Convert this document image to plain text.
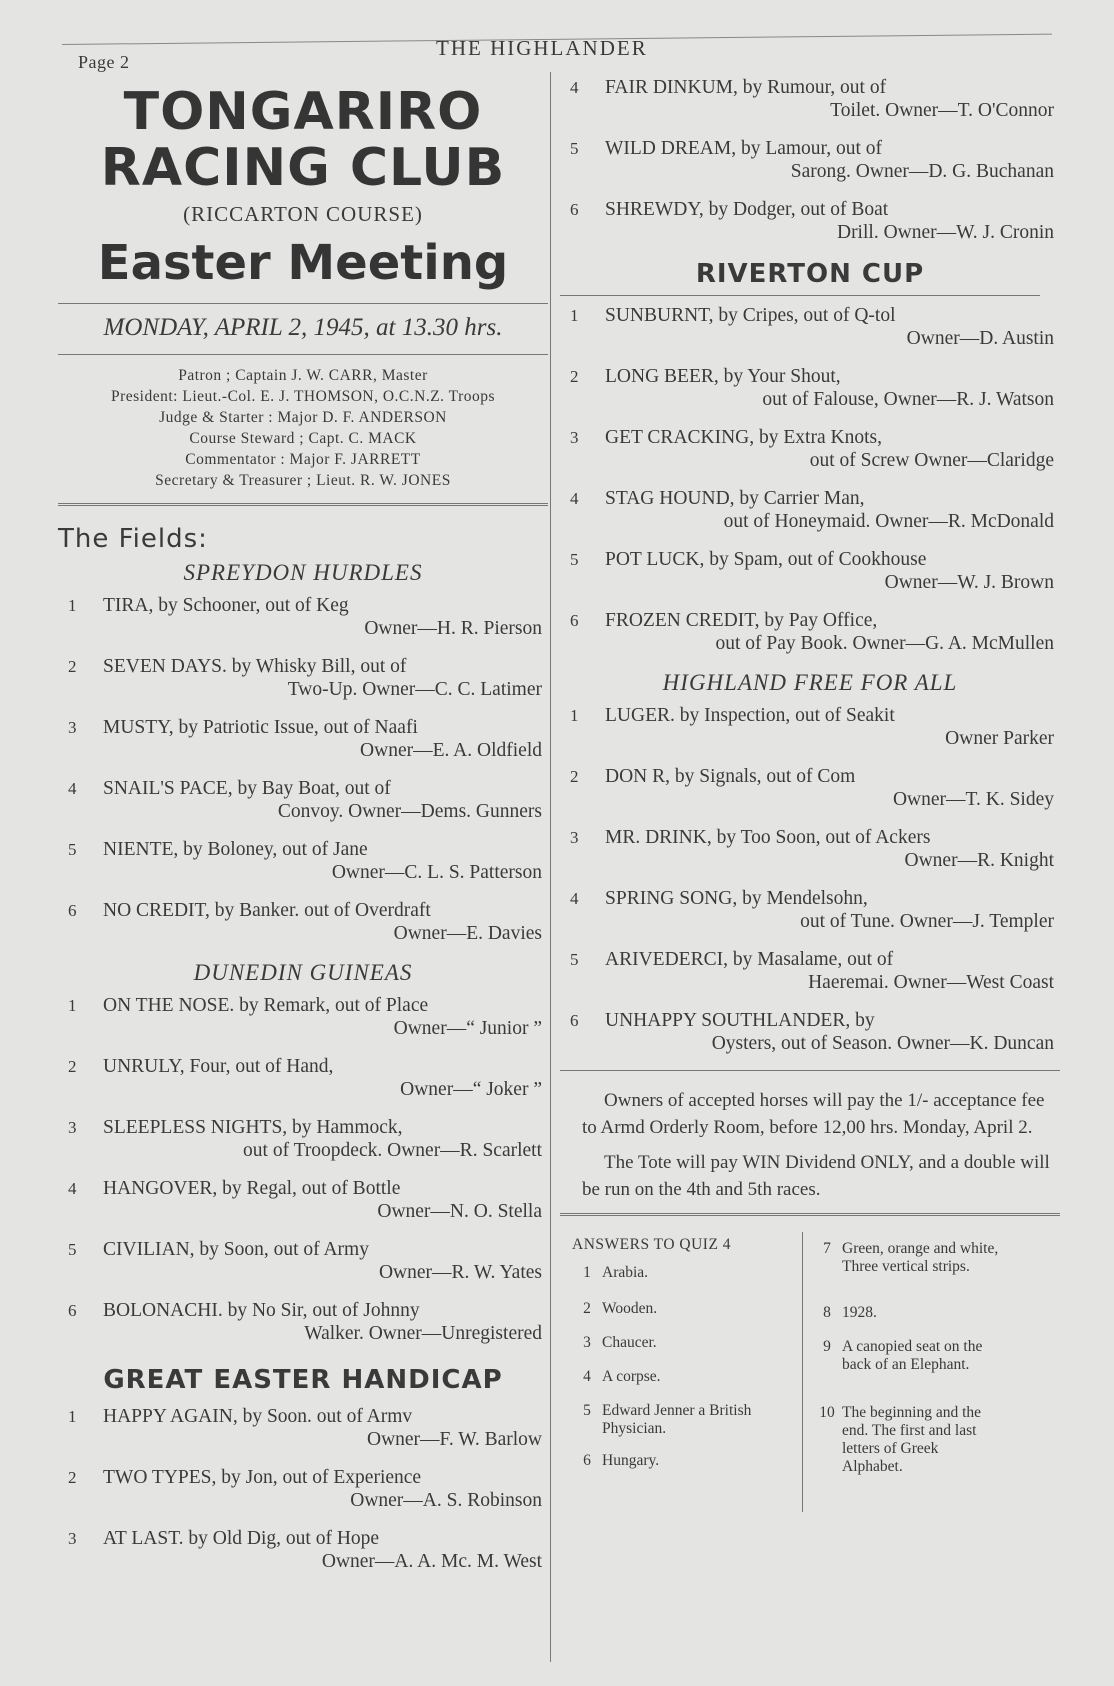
Page 2
THE HIGHLANDER
TONGARIRO
RACING CLUB
(RICCARTON COURSE)
Easter Meeting
MONDAY, APRIL 2, 1945, at 13.30 hrs.
Patron ; Captain J. W. CARR, Master
President: Lieut.-Col. E. J. THOMSON, O.C.N.Z. Troops
Judge & Starter : Major D. F. ANDERSON
Course Steward ; Capt. C. MACK
Commentator : Major F. JARRETT
Secretary & Treasurer ; Lieut. R. W. JONES
The Fields:
SPREYDON HURDLES
1 TIRA, by Schooner, out of Keg
Owner—H. R. Pierson
2 SEVEN DAYS. by Whisky Bill, out of
Two-Up. Owner—C. C. Latimer
3 MUSTY, by Patriotic Issue, out of Naafi
Owner—E. A. Oldfield
4 SNAIL'S PACE, by Bay Boat, out of
Convoy. Owner—Dems. Gunners
5 NIENTE, by Boloney, out of Jane
Owner—C. L. S. Patterson
6 NO CREDIT, by Banker. out of Overdraft
Owner—E. Davies
DUNEDIN GUINEAS
1 ON THE NOSE. by Remark, out of Place
Owner—“ Junior ”
2 UNRULY, Four, out of Hand,
Owner—“ Joker ”
3 SLEEPLESS NIGHTS, by Hammock,
out of Troopdeck. Owner—R. Scarlett
4 HANGOVER, by Regal, out of Bottle
Owner—N. O. Stella
5 CIVILIAN, by Soon, out of Army
Owner—R. W. Yates
6 BOLONACHI. by No Sir, out of Johnny
Walker. Owner—Unregistered
GREAT EASTER HANDICAP
1 HAPPY AGAIN, by Soon. out of Armv
Owner—F. W. Barlow
2 TWO TYPES, by Jon, out of Experience
Owner—A. S. Robinson
3 AT LAST. by Old Dig, out of Hope
Owner—A. A. Mc. M. West
4 FAIR DINKUM, by Rumour, out of
Toilet. Owner—T. O'Connor
5 WILD DREAM, by Lamour, out of
Sarong. Owner—D. G. Buchanan
6 SHREWDY, by Dodger, out of Boat
Drill. Owner—W. J. Cronin
RIVERTON CUP
1 SUNBURNT, by Cripes, out of Q-tol
Owner—D. Austin
2 LONG BEER, by Your Shout,
out of Falouse, Owner—R. J. Watson
3 GET CRACKING, by Extra Knots,
out of Screw Owner—Claridge
4 STAG HOUND, by Carrier Man,
out of Honeymaid. Owner—R. McDonald
5 POT LUCK, by Spam, out of Cookhouse
Owner—W. J. Brown
6 FROZEN CREDIT, by Pay Office,
out of Pay Book. Owner—G. A. McMullen
HIGHLAND FREE FOR ALL
1 LUGER. by Inspection, out of Seakit
Owner Parker
2 DON R, by Signals, out of Com
Owner—T. K. Sidey
3 MR. DRINK, by Too Soon, out of Ackers
Owner—R. Knight
4 SPRING SONG, by Mendelsohn,
out of Tune. Owner—J. Templer
5 ARIVEDERCI, by Masalame, out of
Haeremai. Owner—West Coast
6 UNHAPPY SOUTHLANDER, by
Oysters, out of Season. Owner—K. Duncan

Owners of accepted horses will pay the 1/- acceptance fee to Armd Orderly Room, before 12,00 hrs. Monday, April 2.

The Tote will pay WIN Dividend ONLY, and a double will be run on the 4th and 5th races.

ANSWERS TO QUIZ 4
1 Arabia.
2 Wooden.
3 Chaucer.
4 A corpse.
5 Edward Jenner a British Physician.
6 Hungary.
7 Green, orange and white, Three vertical strips.
8 1928.
9 A canopied seat on the back of an Elephant.
10 The beginning and the end. The first and last letters of Greek Alphabet.
